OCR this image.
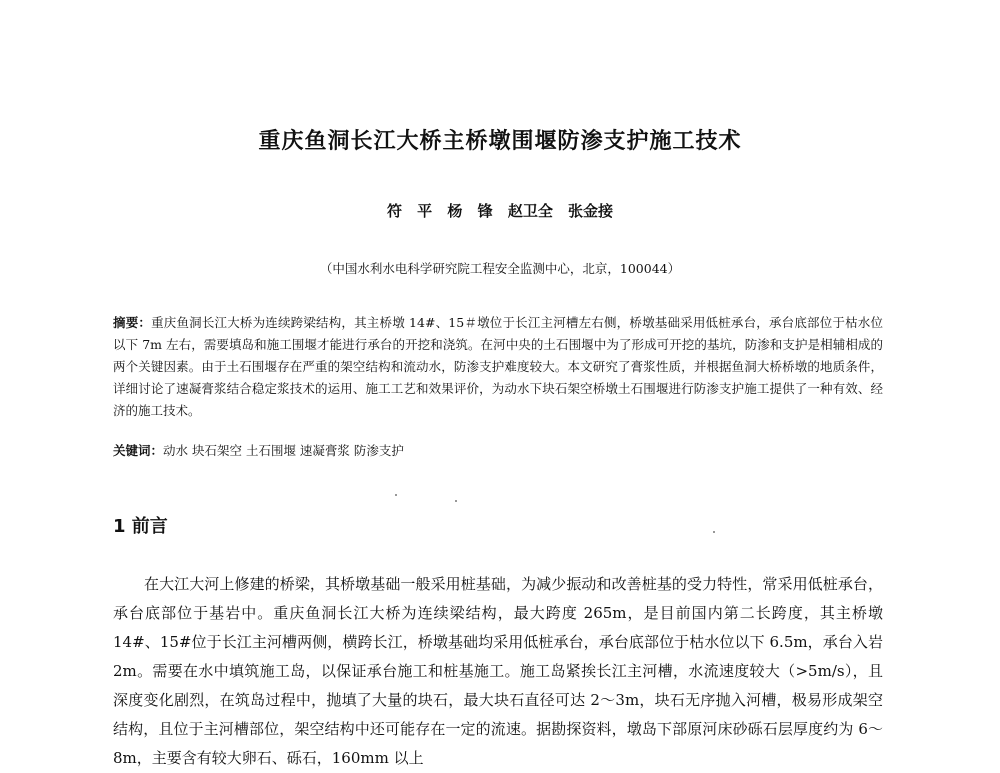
重庆鱼洞长江大桥主桥墩围堰防渗支护施工技术
符 平 杨 锋 赵卫全 张金接
（中国水利水电科学研究院工程安全监测中心，北京，100044）
摘要：重庆鱼洞长江大桥为连续跨梁结构，其主桥墩 14#、15＃墩位于长江主河槽左右侧，桥墩基础采用低桩承台，承台底部位于枯水位以下 7m 左右，需要填岛和施工围堰才能进行承台的开挖和浇筑。在河中央的土石围堰中为了形成可开挖的基坑，防渗和支护是相辅相成的两个关键因素。由于土石围堰存在严重的架空结构和流动水，防渗支护难度较大。本文研究了膏浆性质，并根据鱼洞大桥桥墩的地质条件，详细讨论了速凝膏浆结合稳定浆技术的运用、施工工艺和效果评价，为动水下块石架空桥墩土石围堰进行防渗支护施工提供了一种有效、经济的施工技术。
关键词：动水 块石架空 土石围堰 速凝膏浆 防渗支护
1 前言
在大江大河上修建的桥梁，其桥墩基础一般采用桩基础，为减少振动和改善桩基的受力特性，常采用低桩承台，承台底部位于基岩中。重庆鱼洞长江大桥为连续梁结构，最大跨度 265m，是目前国内第二长跨度，其主桥墩 14#、15#位于长江主河槽两侧，横跨长江，桥墩基础均采用低桩承台，承台底部位于枯水位以下 6.5m，承台入岩 2m。需要在水中填筑施工岛，以保证承台施工和桩基施工。施工岛紧挨长江主河槽，水流速度较大（>5m/s），且深度变化剧烈，在筑岛过程中，抛填了大量的块石，最大块石直径可达 2～3m，块石无序抛入河槽，极易形成架空结构，且位于主河槽部位，架空结构中还可能存在一定的流速。据勘探资料，墩岛下部原河床砂砾石层厚度约为 6～8m，主要含有较大卵石、砾石，160mm 以上
